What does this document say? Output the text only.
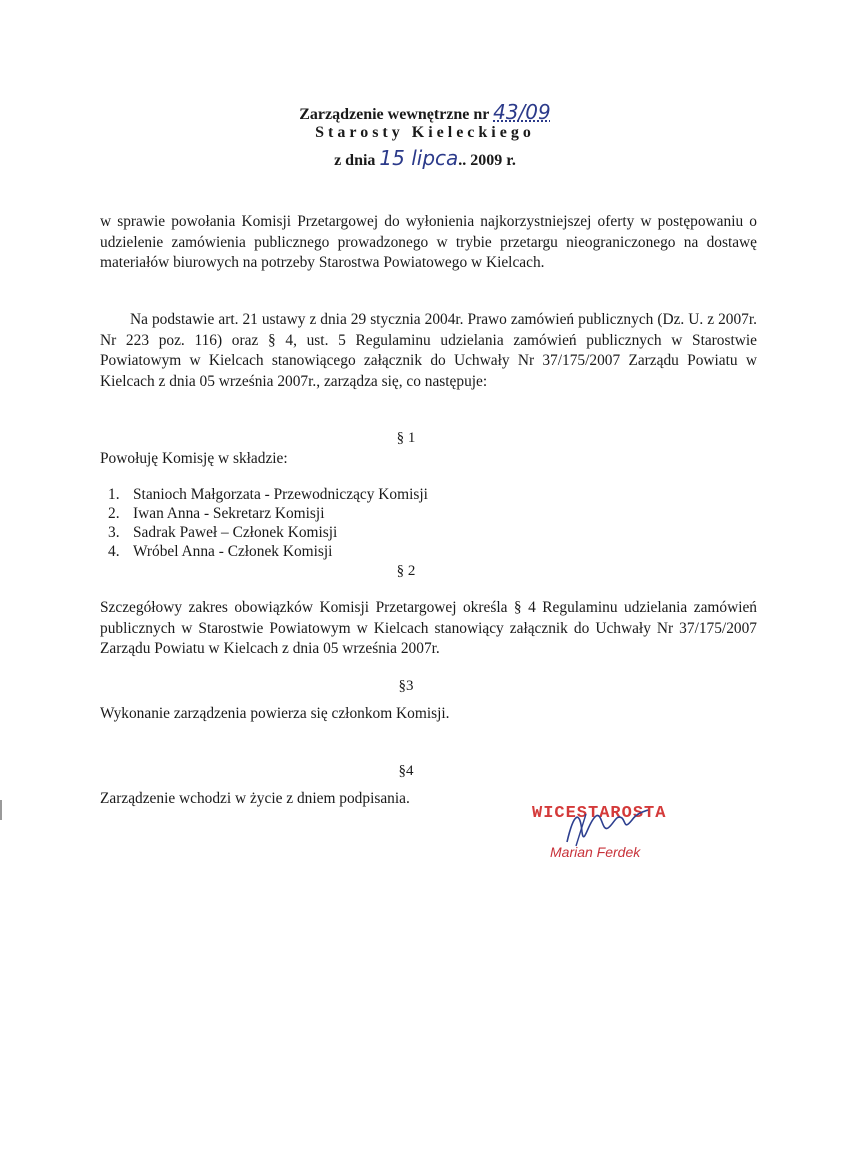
Zarządzenie wewnętrzne nr 43/09
Starosty Kieleckiego
z dnia 15 lipca.. 2009 r.
w sprawie powołania Komisji Przetargowej do wyłonienia najkorzystniejszej oferty w postępowaniu o udzielenie zamówienia publicznego prowadzonego w trybie przetargu nieograniczonego na dostawę materiałów biurowych na potrzeby Starostwa Powiatowego w Kielcach.
Na podstawie art. 21 ustawy z dnia 29 stycznia 2004r. Prawo zamówień publicznych (Dz. U. z 2007r. Nr 223 poz. 116) oraz § 4, ust. 5 Regulaminu udzielania zamówień publicznych w Starostwie Powiatowym w Kielcach stanowiącego załącznik do Uchwały Nr 37/175/2007 Zarządu Powiatu w Kielcach z dnia 05 września 2007r., zarządza się, co następuje:
§ 1
Powołuję Komisję w składzie:
1. Stanioch Małgorzata - Przewodniczący Komisji
2. Iwan Anna - Sekretarz Komisji
3. Sadrak Paweł – Członek Komisji
4. Wróbel Anna - Członek Komisji
§ 2
Szczegółowy zakres obowiązków Komisji Przetargowej określa § 4 Regulaminu udzielania zamówień publicznych w Starostwie Powiatowym w Kielcach stanowiący załącznik do Uchwały Nr 37/175/2007 Zarządu Powiatu w Kielcach z dnia 05 września 2007r.
§3
Wykonanie zarządzenia powierza się członkom Komisji.
§4
Zarządzenie wchodzi w życie z dniem podpisania.
WICESTAROSTA
Marian Ferdek
